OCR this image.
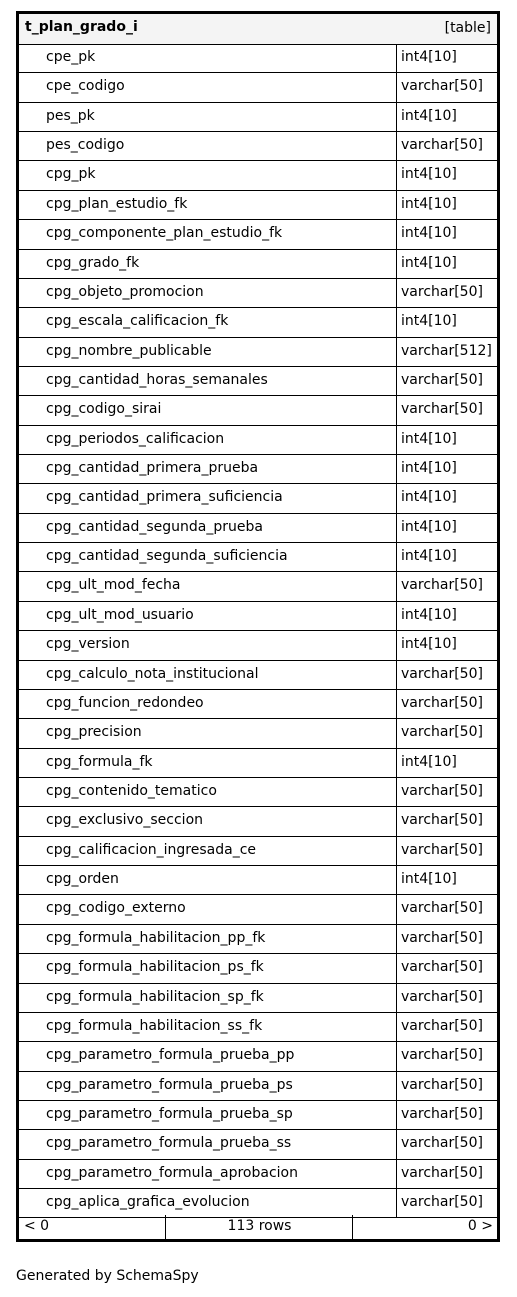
t_plan_grado_i	[table]
cpe_pk	int4[10]
cpe_codigo	varchar[50]
pes_pk	int4[10]
pes_codigo	varchar[50]
cpg_pk	int4[10]
cpg_plan_estudio_fk	int4[10]
cpg_componente_plan_estudio_fk	int4[10]
cpg_grado_fk	int4[10]
cpg_objeto_promocion	varchar[50]
cpg_escala_calificacion_fk	int4[10]
cpg_nombre_publicable	varchar[512]
cpg_cantidad_horas_semanales	varchar[50]
cpg_codigo_sirai	varchar[50]
cpg_periodos_calificacion	int4[10]
cpg_cantidad_primera_prueba	int4[10]
cpg_cantidad_primera_suficiencia	int4[10]
cpg_cantidad_segunda_prueba	int4[10]
cpg_cantidad_segunda_suficiencia	int4[10]
cpg_ult_mod_fecha	varchar[50]
cpg_ult_mod_usuario	int4[10]
cpg_version	int4[10]
cpg_calculo_nota_institucional	varchar[50]
cpg_funcion_redondeo	varchar[50]
cpg_precision	varchar[50]
cpg_formula_fk	int4[10]
cpg_contenido_tematico	varchar[50]
cpg_exclusivo_seccion	varchar[50]
cpg_calificacion_ingresada_ce	varchar[50]
cpg_orden	int4[10]
cpg_codigo_externo	varchar[50]
cpg_formula_habilitacion_pp_fk	varchar[50]
cpg_formula_habilitacion_ps_fk	varchar[50]
cpg_formula_habilitacion_sp_fk	varchar[50]
cpg_formula_habilitacion_ss_fk	varchar[50]
cpg_parametro_formula_prueba_pp	varchar[50]
cpg_parametro_formula_prueba_ps	varchar[50]
cpg_parametro_formula_prueba_sp	varchar[50]
cpg_parametro_formula_prueba_ss	varchar[50]
cpg_parametro_formula_aprobacion	varchar[50]
cpg_aplica_grafica_evolucion	varchar[50]
< 0	113 rows	0 >
Generated by SchemaSpy
